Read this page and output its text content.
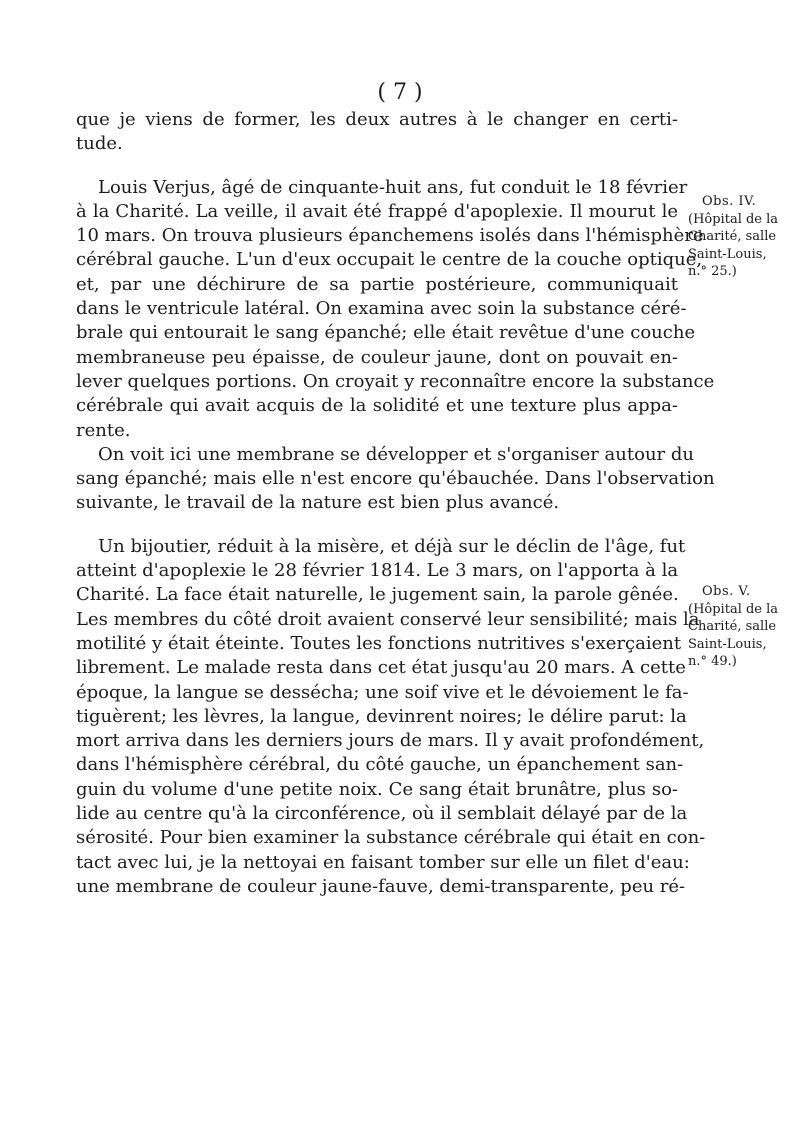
( 7 )
que je viens de former, les deux autres à le changer en certi-
tude.
Louis Verjus, âgé de cinquante-huit ans, fut conduit le 18 février
à la Charité. La veille, il avait été frappé d'apoplexie. Il mourut le
10 mars. On trouva plusieurs épanchemens isolés dans l'hémisphère
cérébral gauche. L'un d'eux occupait le centre de la couche optique,
et, par une déchirure de sa partie postérieure, communiquait
dans le ventricule latéral. On examina avec soin la substance céré-
brale qui entourait le sang épanché; elle était revêtue d'une couche
membraneuse peu épaisse, de couleur jaune, dont on pouvait en-
lever quelques portions. On croyait y reconnaître encore la substance
cérébrale qui avait acquis de la solidité et une texture plus appa-
rente.
On voit ici une membrane se développer et s'organiser autour du
sang épanché; mais elle n'est encore qu'ébauchée. Dans l'observation
suivante, le travail de la nature est bien plus avancé.
Un bijoutier, réduit à la misère, et déjà sur le déclin de l'âge, fut
atteint d'apoplexie le 28 février 1814. Le 3 mars, on l'apporta à la
Charité. La face était naturelle, le jugement sain, la parole gênée.
Les membres du côté droit avaient conservé leur sensibilité; mais la
motilité y était éteinte. Toutes les fonctions nutritives s'exerçaient
librement. Le malade resta dans cet état jusqu'au 20 mars. A cette
époque, la langue se dessécha; une soif vive et le dévoiement le fa-
tiguèrent; les lèvres, la langue, devinrent noires; le délire parut: la
mort arriva dans les derniers jours de mars. Il y avait profondément,
dans l'hémisphère cérébral, du côté gauche, un épanchement san-
guin du volume d'une petite noix. Ce sang était brunâtre, plus so-
lide au centre qu'à la circonférence, où il semblait délayé par de la
sérosité. Pour bien examiner la substance cérébrale qui était en con-
tact avec lui, je la nettoyai en faisant tomber sur elle un filet d'eau:
une membrane de couleur jaune-fauve, demi-transparente, peu ré-
Obs. IV.
(Hôpital de la
Charité, salle
Saint-Louis,
n.° 25.)
Obs. V.
(Hôpital de la
Charité, salle
Saint-Louis,
n.° 49.)
